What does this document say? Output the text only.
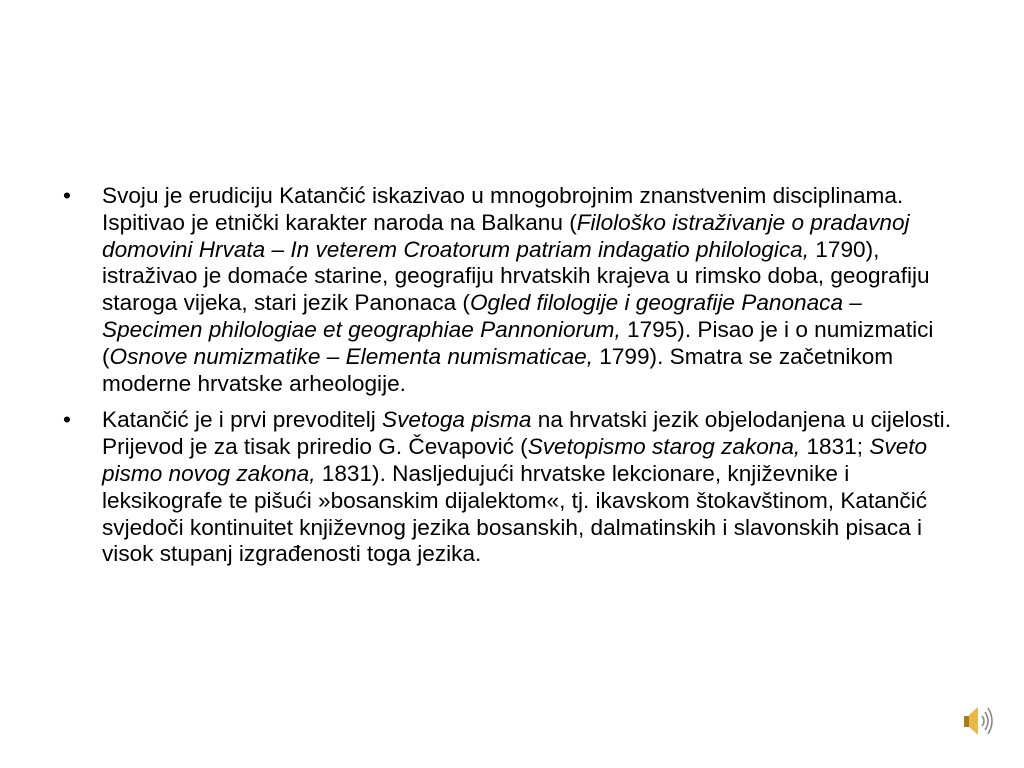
• Svoju je erudiciju Katančić iskazivao u mnogobrojnim znanstvenim disciplinama. Ispitivao je etnički karakter naroda na Balkanu (Filološko istraživanje o pradavnoj domovini Hrvata – In veterem Croatorum patriam indagatio philologica, 1790), istraživao je domaće starine, geografiju hrvatskih krajeva u rimsko doba, geografiju staroga vijeka, stari jezik Panonaca (Ogled filologije i geografije Panonaca – Specimen philologiae et geographiae Pannoniorum, 1795). Pisao je i o numizmatici (Osnove numizmatike – Elementa numismaticae, 1799). Smatra se začetnikom moderne hrvatske arheologije.
• Katančić je i prvi prevoditelj Svetoga pisma na hrvatski jezik objelodanjena u cijelosti. Prijevod je za tisak priredio G. Čevapović (Svetopismo starog zakona, 1831; Sveto pismo novog zakona, 1831). Nasljedujući hrvatske lekcionare, književnike i leksikografe te pišući »bosanskim dijalektom«, tj. ikavskom štokavštinom, Katančić svjedoči kontinuitet književnog jezika bosanskih, dalmatinskih i slavonskih pisaca i visok stupanj izgrađenosti toga jezika.
